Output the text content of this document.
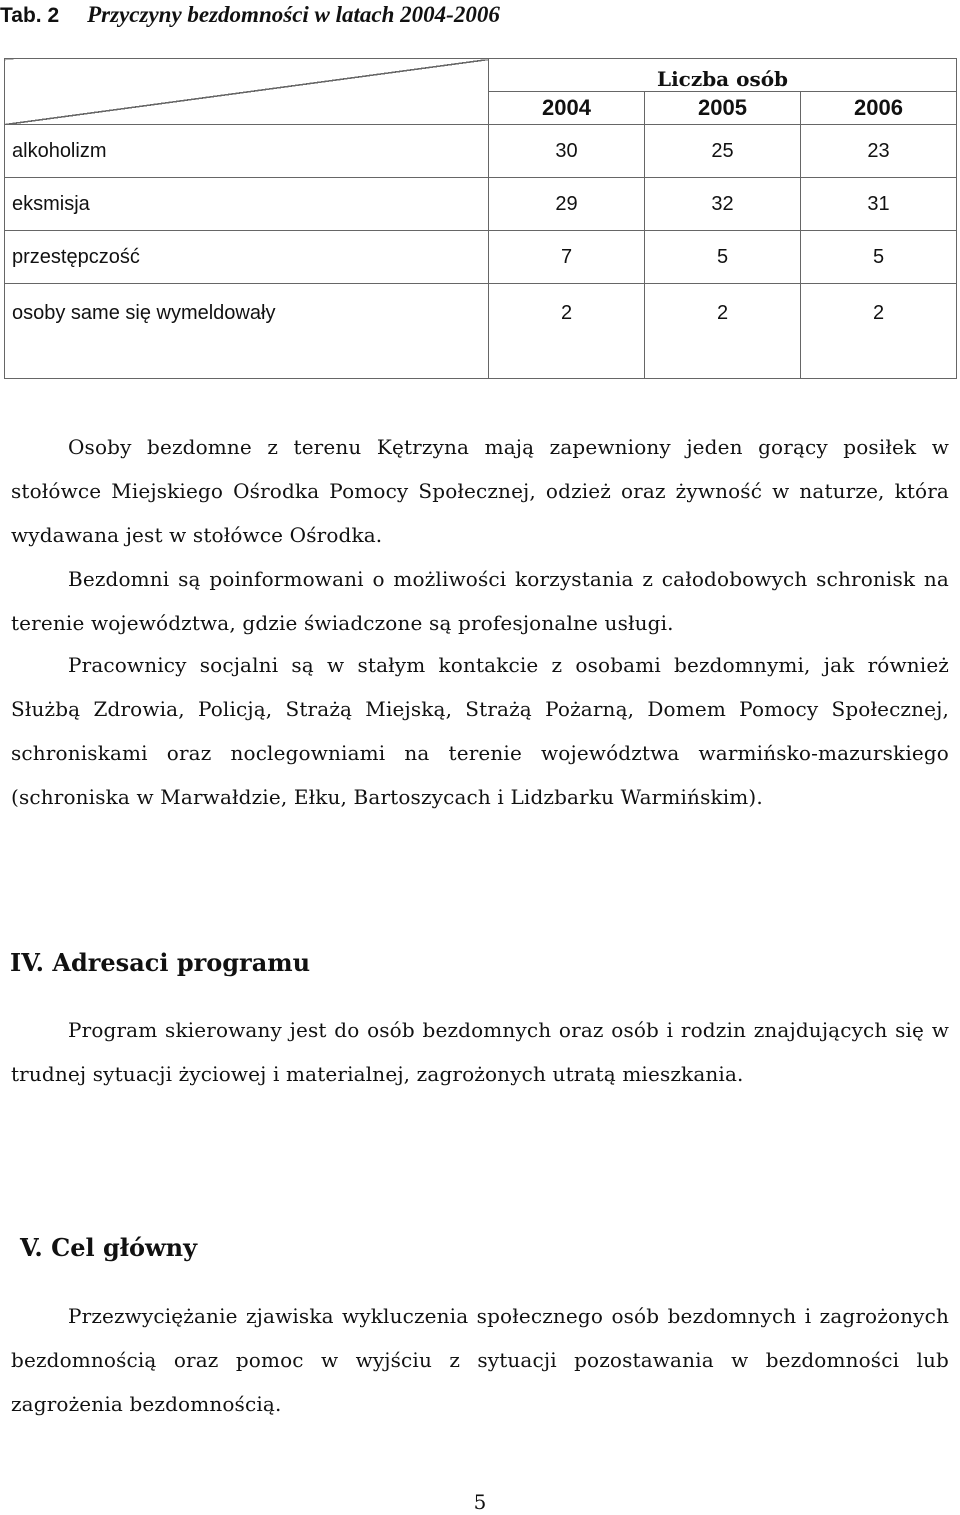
Tab. 2 Przyczyny bezdomności w latach 2004-2006
	Liczba osób		
	2004	2005	2006
alkoholizm	30	25	23
eksmisja	29	32	31
przestępczość	7	5	5
osoby same się wymeldowały	2	2	2
Osoby bezdomne z terenu Kętrzyna mają zapewniony jeden gorący posiłek w stołówce Miejskiego Ośrodka Pomocy Społecznej, odzież oraz żywność w naturze, która wydawana jest w stołówce Ośrodka.
Bezdomni są poinformowani o możliwości korzystania z całodobowych schronisk na terenie województwa, gdzie świadczone są profesjonalne usługi.
Pracownicy socjalni są w stałym kontakcie z osobami bezdomnymi, jak również Służbą Zdrowia, Policją, Strażą Miejską, Strażą Pożarną, Domem Pomocy Społecznej, schroniskami oraz noclegowniami na terenie województwa warmińsko-mazurskiego (schroniska w Marwałdzie, Ełku, Bartoszycach i Lidzbarku Warmińskim).
IV. Adresaci programu
Program skierowany jest do osób bezdomnych oraz osób i rodzin znajdujących się w trudnej sytuacji życiowej i materialnej, zagrożonych utratą mieszkania.
V. Cel główny
Przezwyciężanie zjawiska wykluczenia społecznego osób bezdomnych i zagrożonych bezdomnością oraz pomoc w wyjściu z sytuacji pozostawania w bezdomności lub zagrożenia bezdomnością.
5
